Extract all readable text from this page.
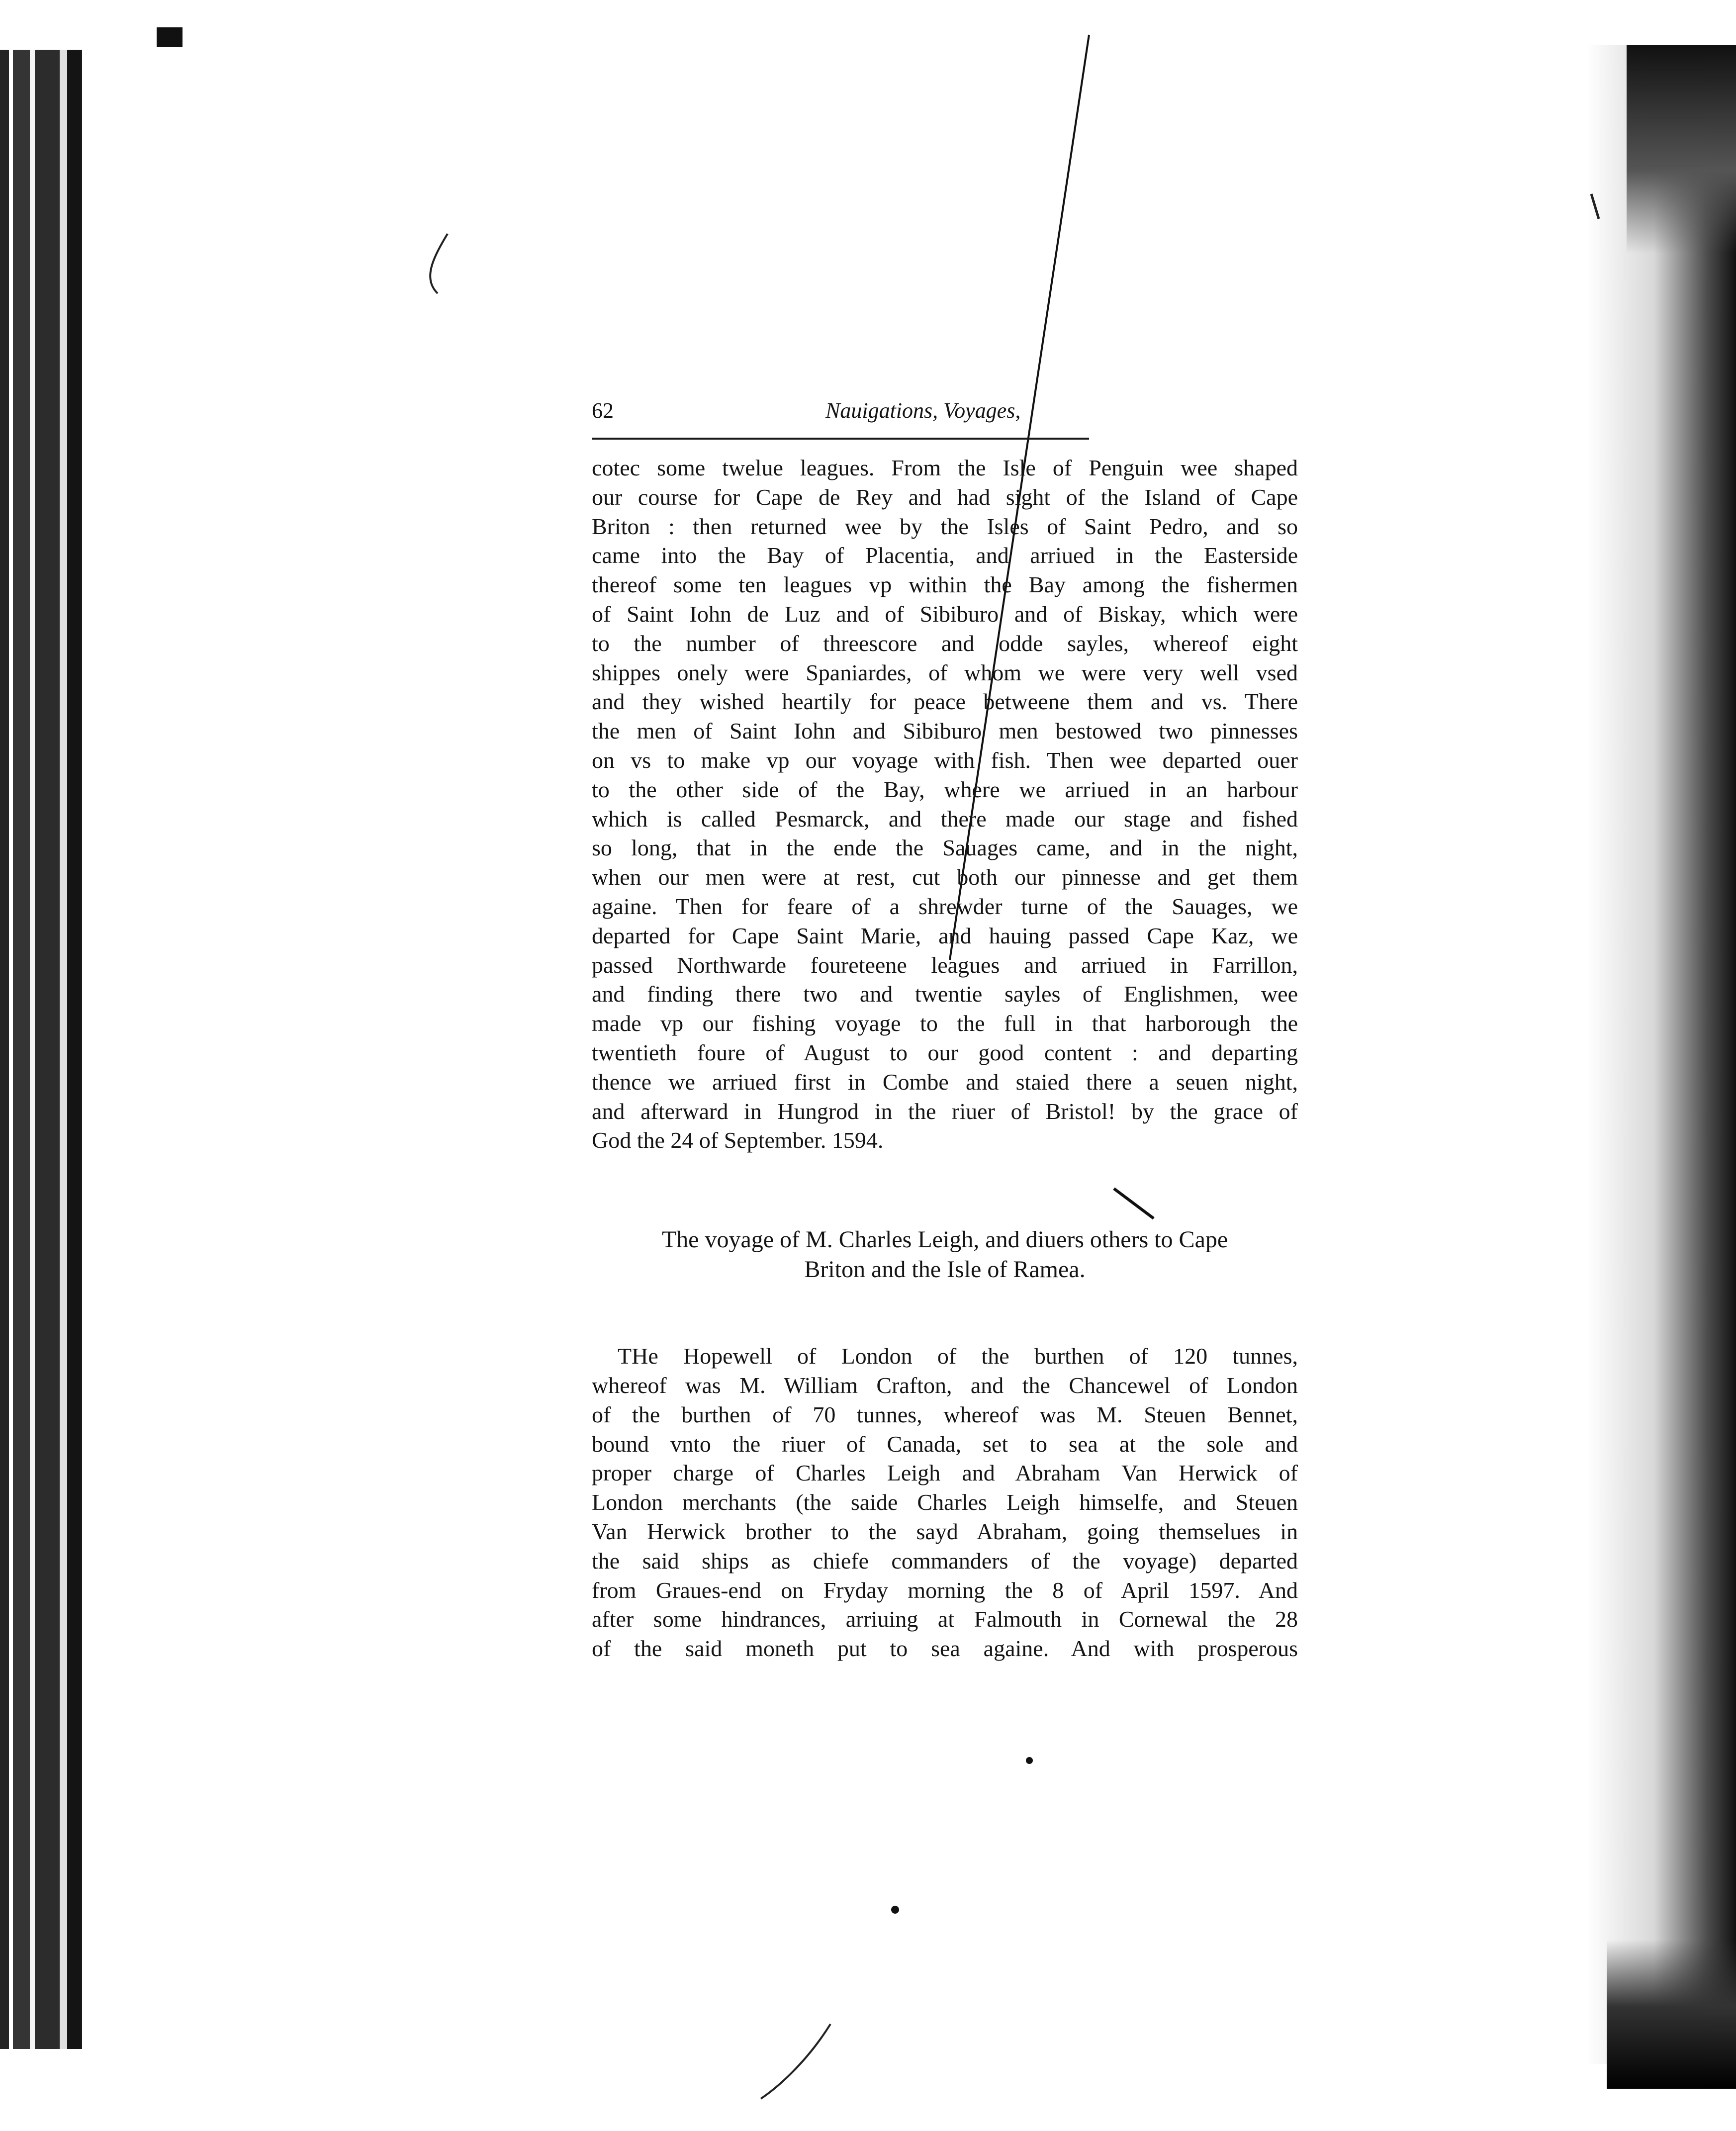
62	Nauigations, Voyages,
cotec some twelue leagues. From the Isle of Penguin wee shaped
our course for Cape de Rey and had sight of the Island of Cape
Briton : then returned wee by the Isles of Saint Pedro, and so
came into the Bay of Placentia, and arriued in the Easterside
thereof some ten leagues vp within the Bay among the fishermen
of Saint Iohn de Luz and of Sibiburo and of Biskay, which were
to the number of threescore and odde sayles, whereof eight
shippes onely were Spaniardes, of whom we were very well vsed
and they wished heartily for peace betweene them and vs. There
the men of Saint Iohn and Sibiburo men bestowed two pinnesses
on vs to make vp our voyage with fish. Then wee departed ouer
to the other side of the Bay, where we arriued in an harbour
which is called Pesmarck, and there made our stage and fished
so long, that in the ende the Sauages came, and in the night,
when our men were at rest, cut both our pinnesse and get them
againe. Then for feare of a shrewder turne of the Sauages, we
departed for Cape Saint Marie, and hauing passed Cape Kaz, we
passed Northwarde foureteene leagues and arriued in Farrillon,
and finding there two and twentie sayles of Englishmen, wee
made vp our fishing voyage to the full in that harborough the
twentieth foure of August to our good content : and departing
thence we arriued first in Combe and staied there a seuen night,
and afterward in Hungrod in the riuer of Bristol! by the grace of
God the 24 of September. 1594.
The voyage of M. Charles Leigh, and diuers others to Cape
Briton and the Isle of Ramea.
THe Hopewell of London of the burthen of 120 tunnes,
whereof was M. William Crafton, and the Chancewel of London
of the burthen of 70 tunnes, whereof was M. Steuen Bennet,
bound vnto the riuer of Canada, set to sea at the sole and
proper charge of Charles Leigh and Abraham Van Herwick of
London merchants (the saide Charles Leigh himselfe, and Steuen
Van Herwick brother to the sayd Abraham, going themselues in
the said ships as chiefe commanders of the voyage) departed
from Graues-end on Fryday morning the 8 of April 1597. And
after some hindrances, arriuing at Falmouth in Cornewal the 28
of the said moneth put to sea againe. And with prosperous
